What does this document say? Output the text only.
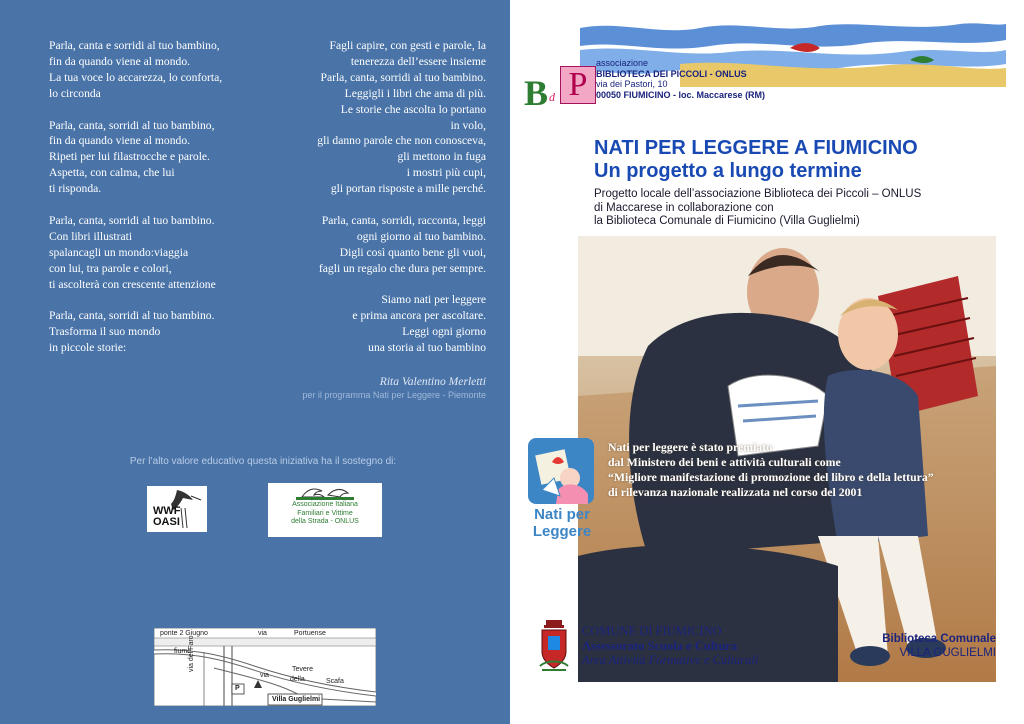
Parla, canta e sorridi al tuo bambino,
fin da quando viene al mondo.
La tua voce lo accarezza, lo conforta,
lo circonda
Parla, canta, sorridi al tuo bambino,
fin da quando viene al mondo.
Ripeti per lui filastrocche e parole.
Aspetta, con calma, che lui
ti risponda.
Parla, canta, sorridi al tuo bambino.
Con libri illustrati
spalancagli un mondo:viaggia
con lui, tra parole e colori,
ti ascolterà con crescente attenzione
Parla, canta, sorridi al tuo bambino.
Trasforma il suo mondo
in piccole storie:
Fagli capire, con gesti e parole, la
tenerezza dell’essere insieme
Parla, canta, sorridi al tuo bambino.
Leggigli i libri che ama di più.
Le storie che ascolta lo portano
in volo,
gli danno parole che non conosceva,
gli mettono in fuga
i mostri più cupi,
gli portan risposte a mille perché.
Parla, canta, sorridi, racconta, leggi
ogni giorno al tuo bambino.
Digli così quanto bene gli vuoi,
fagli un regalo che dura per sempre.
Siamo nati per leggere
e prima ancora per ascoltare.
Leggi ogni giorno
una storia al tuo bambino
Rita Valentino Merletti
per il programma Nati per Leggere - Piemonte
Per l’alto valore educativo questa iniziativa ha il sostegno di:
WWF
OASI
Associazione Italiana
Familiari e Vittime
della Strada - ONLUS
ponte 2 Giugno	via	Portuense
fiume
Tevere
via
della	Scafa
via del Faro
P
Villa Guglielmi
B d P
associazione
BIBLIOTECA DEI PICCOLI - ONLUS
via dei Pastori, 10
00050 FIUMICINO - loc. Maccarese (RM)
NATI PER LEGGERE A FIUMICINO
Un progetto a lungo termine
Progetto locale dell’associazione Biblioteca dei Piccoli – ONLUS
di Maccarese in collaborazione con
la Biblioteca Comunale di Fiumicino (Villa Guglielmi)
Nati per leggere è stato premiato
dal Ministero dei beni e attività culturali come
“Migliore manifestazione di promozione del libro e della lettura”
di rilevanza nazionale realizzata nel corso del 2001
Nati per
Leggere
COMUNE DI FIUMICINO
Assessorato Scuola e Cultura
Area Attività Formative e Culturali
Biblioteca Comunale
VILLA GUGLIELMI
